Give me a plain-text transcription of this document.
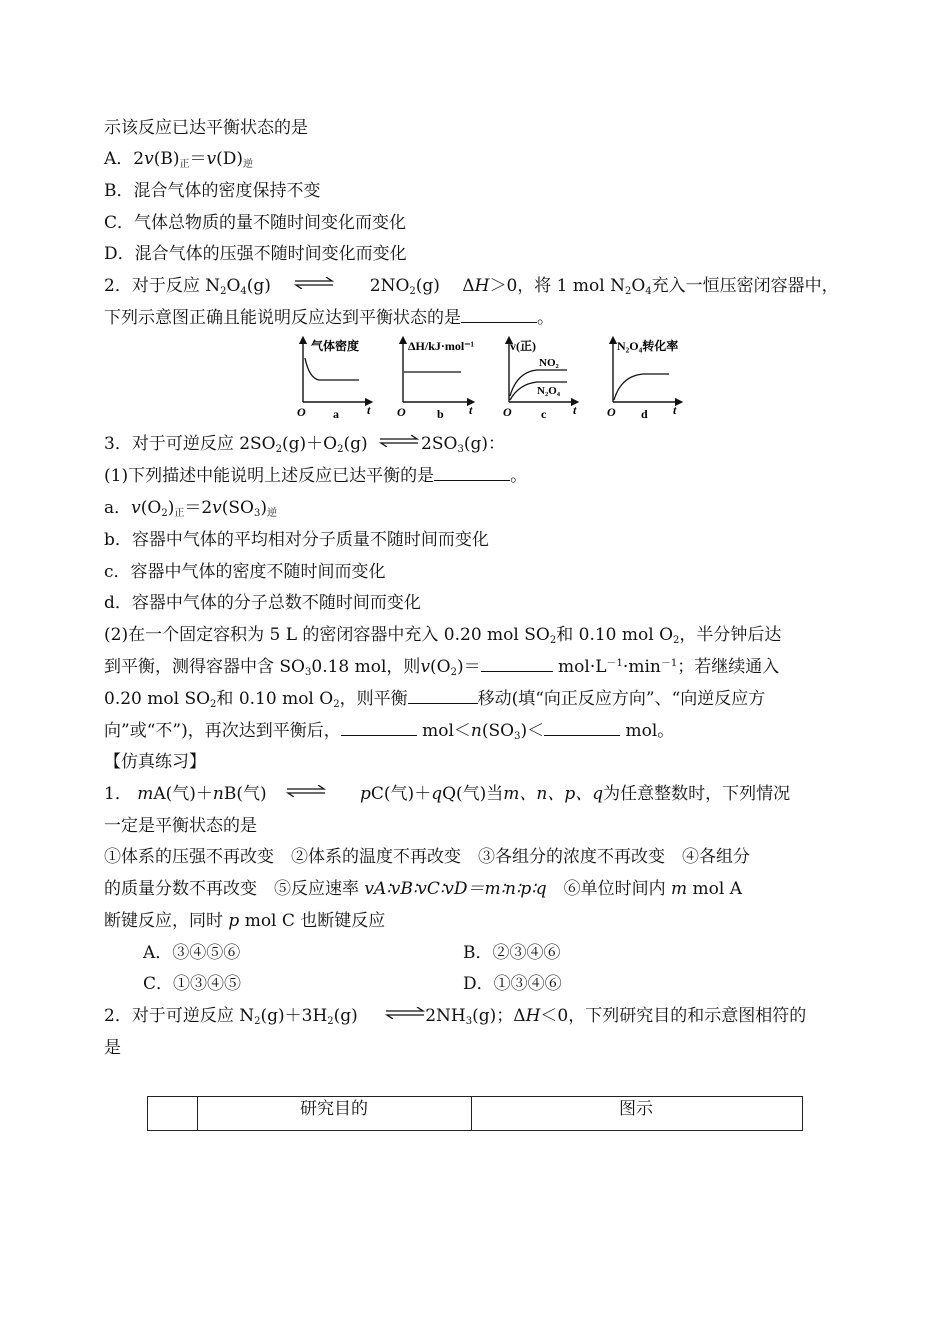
示该反应已达平衡状态的是
A．$2v(B)_正=v(D)_逆$
B．混合气体的密度保持不变
C．气体总物质的量不随时间变化而变化
D．混合气体的压强不随时间变化而变化
2．对于反应 $N_2O_4(g)$ ⇌ $2NO_2(g)$　 ΔH＞0，将 1 mol $N_2O_4$充入一恒压密闭容器中，
下列示意图正确且能说明反应达到平衡状态的是	。
气体密度
O	t
a
ΔH/kJ·mol⁻¹
O	t
b
v(正)
NO₂
N₂O₄
O	t
c
N₂O₄转化率
O	t
d
3．对于可逆反应 $2SO_2(g)+O_2(g)$ ⇌ $2SO_3(g)$：
(1)下列描述中能说明上述反应已达平衡的是	。
a．$v(O_2)_正=2v(SO_3)_逆$
b．容器中气体的平均相对分子质量不随时间而变化
c．容器中气体的密度不随时间而变化
d．容器中气体的分子总数不随时间而变化
(2)在一个固定容积为 5 L 的密闭容器中充入 0.20 mol $SO_2$和 0.10 mol $O_2$，半分钟后达
到平衡，测得容器中含 $SO_30.18$ mol，则$v(O_2)=$	$mol\cdot L^{-1}\cdot\min^{-1}$；若继续通入
0.20 mol $SO_2$和 0.10 mol $O_2$，则平衡	移动(填“向正反应方向”、“向逆反应方
向”或“不”)，再次达到平衡后，	$mol<n(SO_3)<$	mol。
【仿真练习】
1． mA(气)＋nB(气) ⇌ pC(气)＋qQ(气)当m、n、p、q为任意整数时，下列情况
一定是平衡状态的是
①体系的压强不再改变　②体系的温度不再改变　③各组分的浓度不再改变　④各组分
的质量分数不再改变　⑤反应速率 vA∶vB∶vC∶vD＝m∶n∶p∶q　 ⑥单位时间内 m mol A
断键反应，同时 p mol C 也断键反应
A．③④⑤⑥	B．②③④⑥
C．①③④⑤	D．①③④⑥
2．对于可逆反应 $N_2(g)+3H_2(g)$ $\rightleftharpoons 2NH_3(g)$；ΔH＜0，下列研究目的和示意图相符的
是
研究目的	图示
